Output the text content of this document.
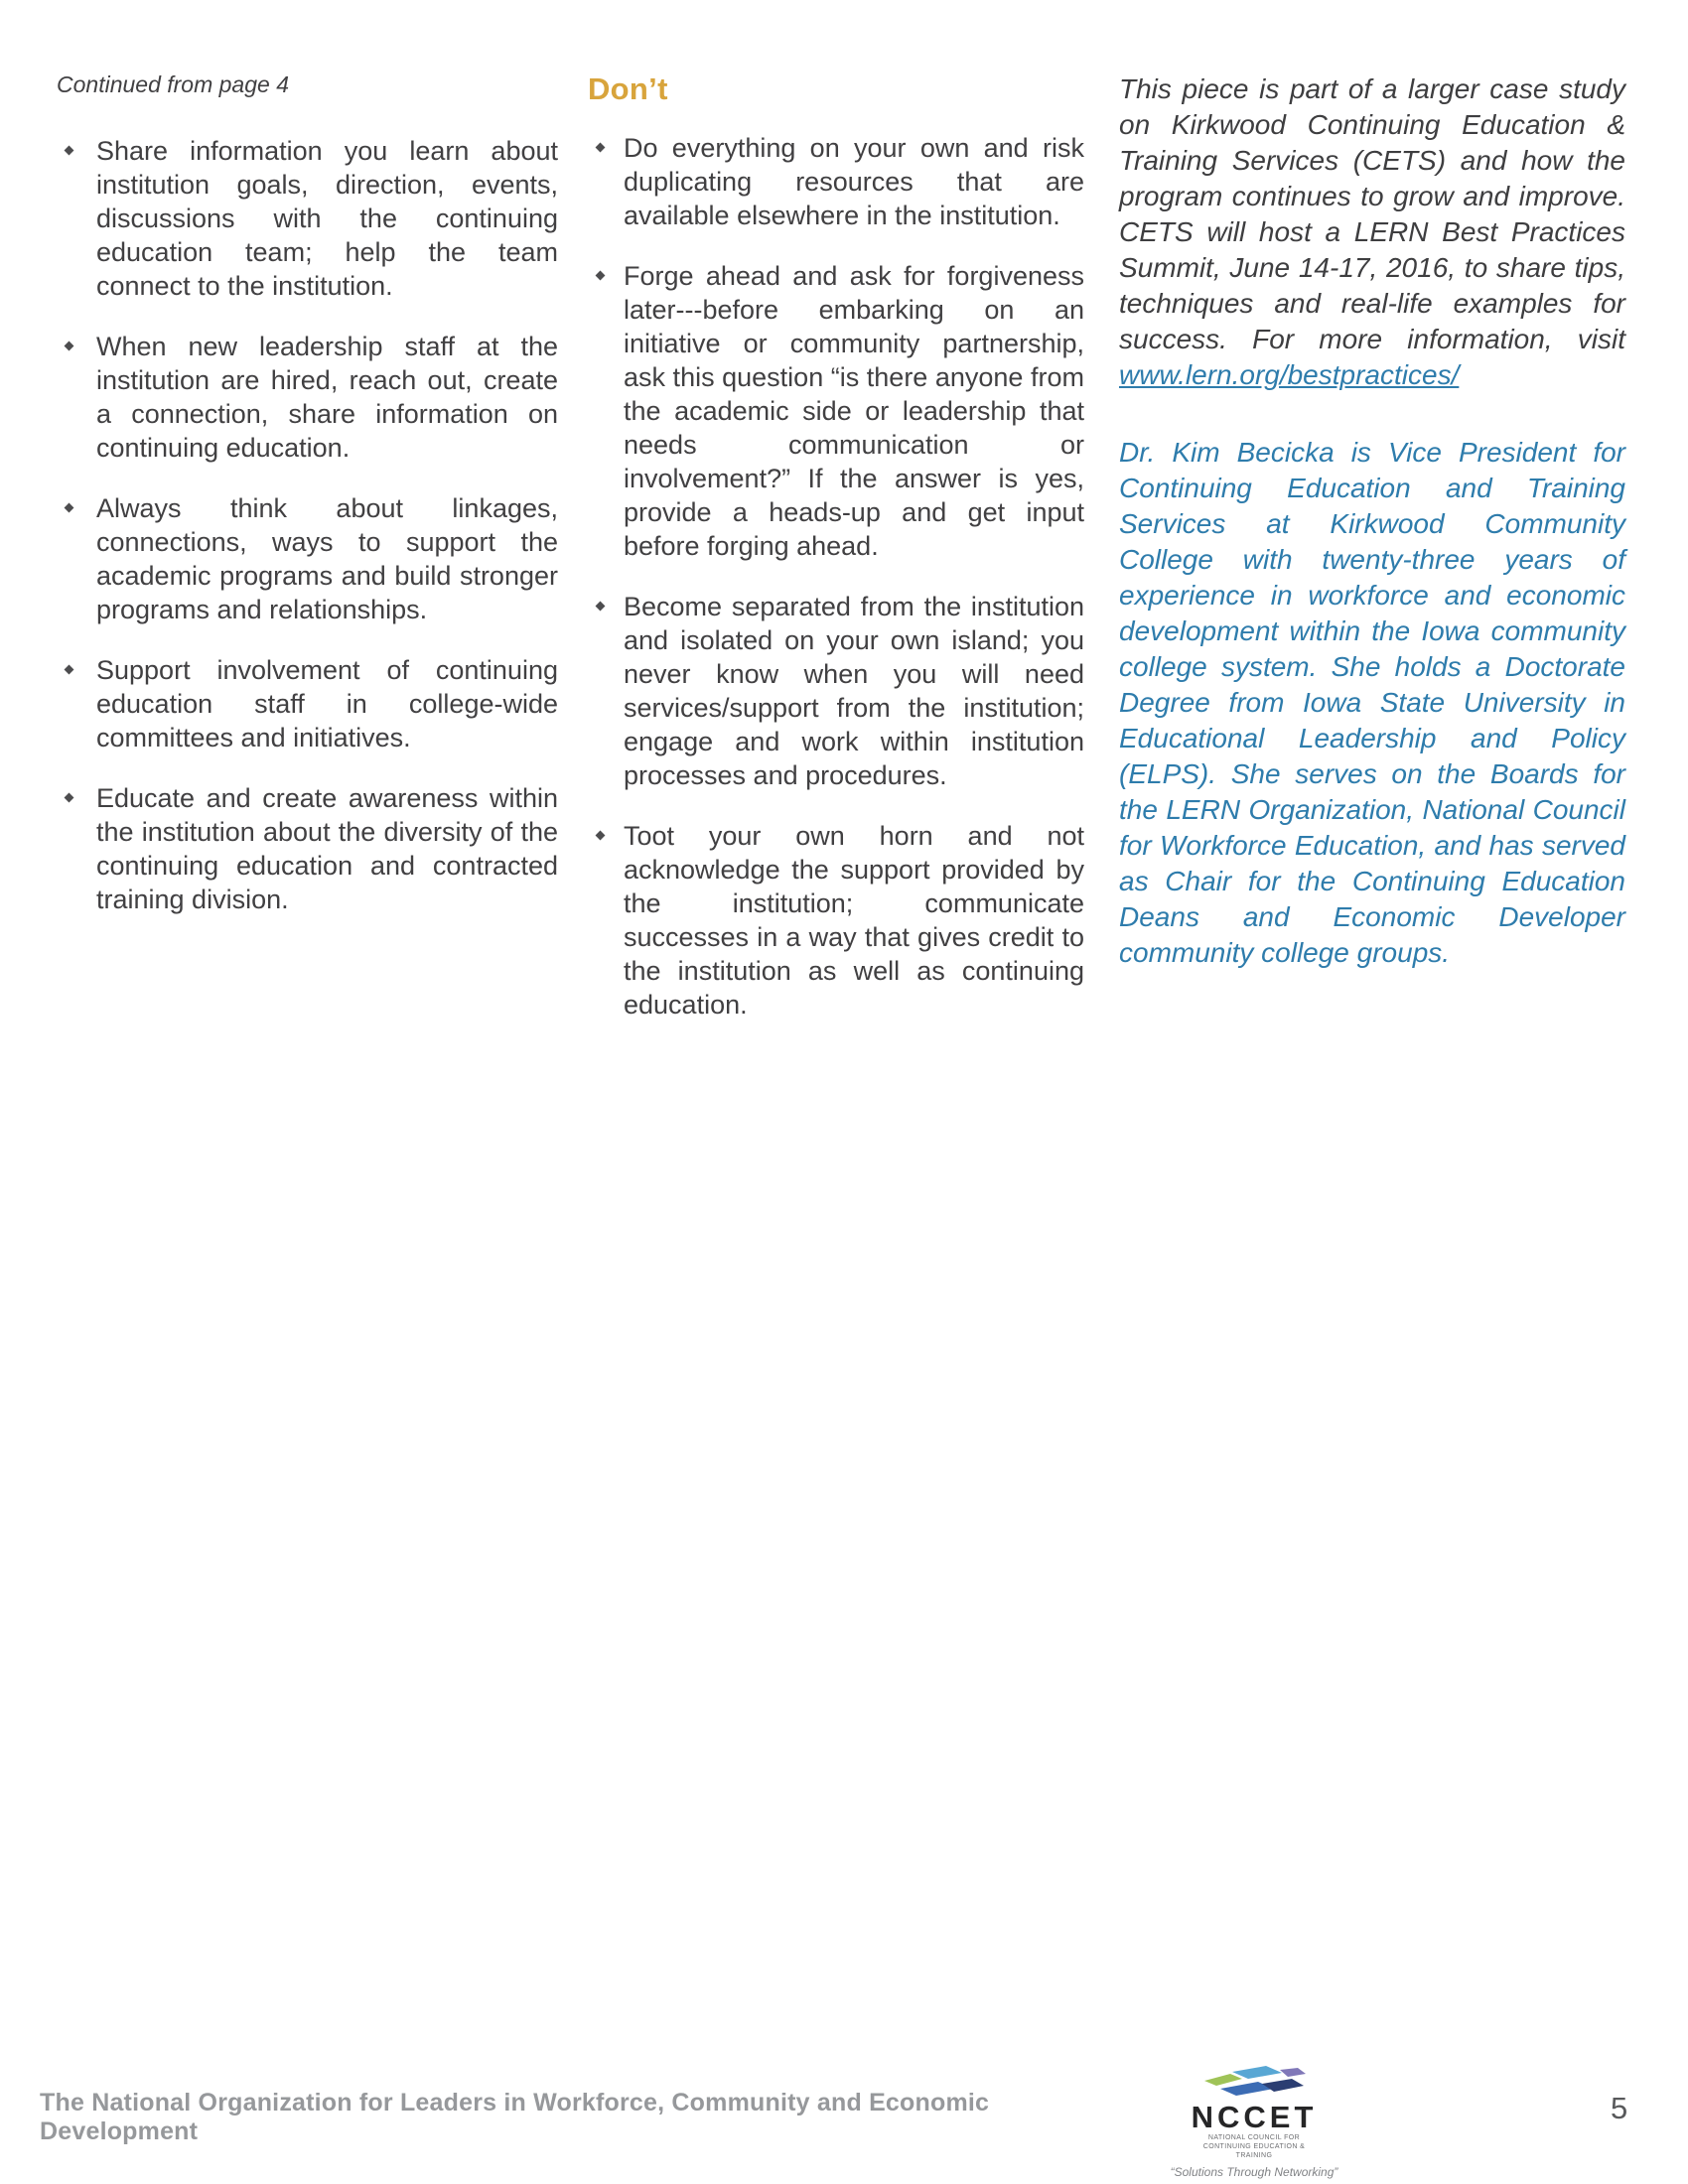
Continued from page 4

Share information you learn about institution goals, direction, events, discussions with the continuing education team; help the team connect to the institution.
When new leadership staff at the institution are hired, reach out, create a connection, share information on continuing education.
Always think about linkages, connections, ways to support the academic programs and build stronger programs and relationships.
Support involvement of continuing education staff in college-wide committees and initiatives.
Educate and create awareness within the institution about the diversity of the continuing education and contracted training division.
Don’t
Do everything on your own and risk duplicating resources that are available elsewhere in the institution.
Forge ahead and ask for forgiveness later---before embarking on an initiative or community partnership, ask this question “is there anyone from the academic side or leadership that needs communication or involvement?” If the answer is yes, provide a heads-up and get input before forging ahead.
Become separated from the institution and isolated on your own island; you never know when you will need services/support from the institution; engage and work within institution processes and procedures.
Toot your own horn and not acknowledge the support provided by the institution; communicate successes in a way that gives credit to the institution as well as continuing education.

This piece is part of a larger case study on Kirkwood Continuing Education & Training Services (CETS) and how the program continues to grow and improve. CETS will host a LERN Best Practices Summit, June 14-17, 2016, to share tips, techniques and real-life examples for success. For more information, visit www.lern.org/bestpractices/

Dr. Kim Becicka is Vice President for Continuing Education and Training Services at Kirkwood Community College with twenty-three years of experience in workforce and economic development within the Iowa community college system. She holds a Doctorate Degree from Iowa State University in Educational Leadership and Policy (ELPS). She serves on the Boards for the LERN Organization, National Council for Workforce Education, and has served as Chair for the Continuing Education Deans and Economic Developer community college groups.

The National Organization for Leaders in Workforce, Community and Economic Development	NCCET
NATIONAL COUNCIL FOR CONTINUING EDUCATION & TRAINING
“Solutions Through Networking”
5
